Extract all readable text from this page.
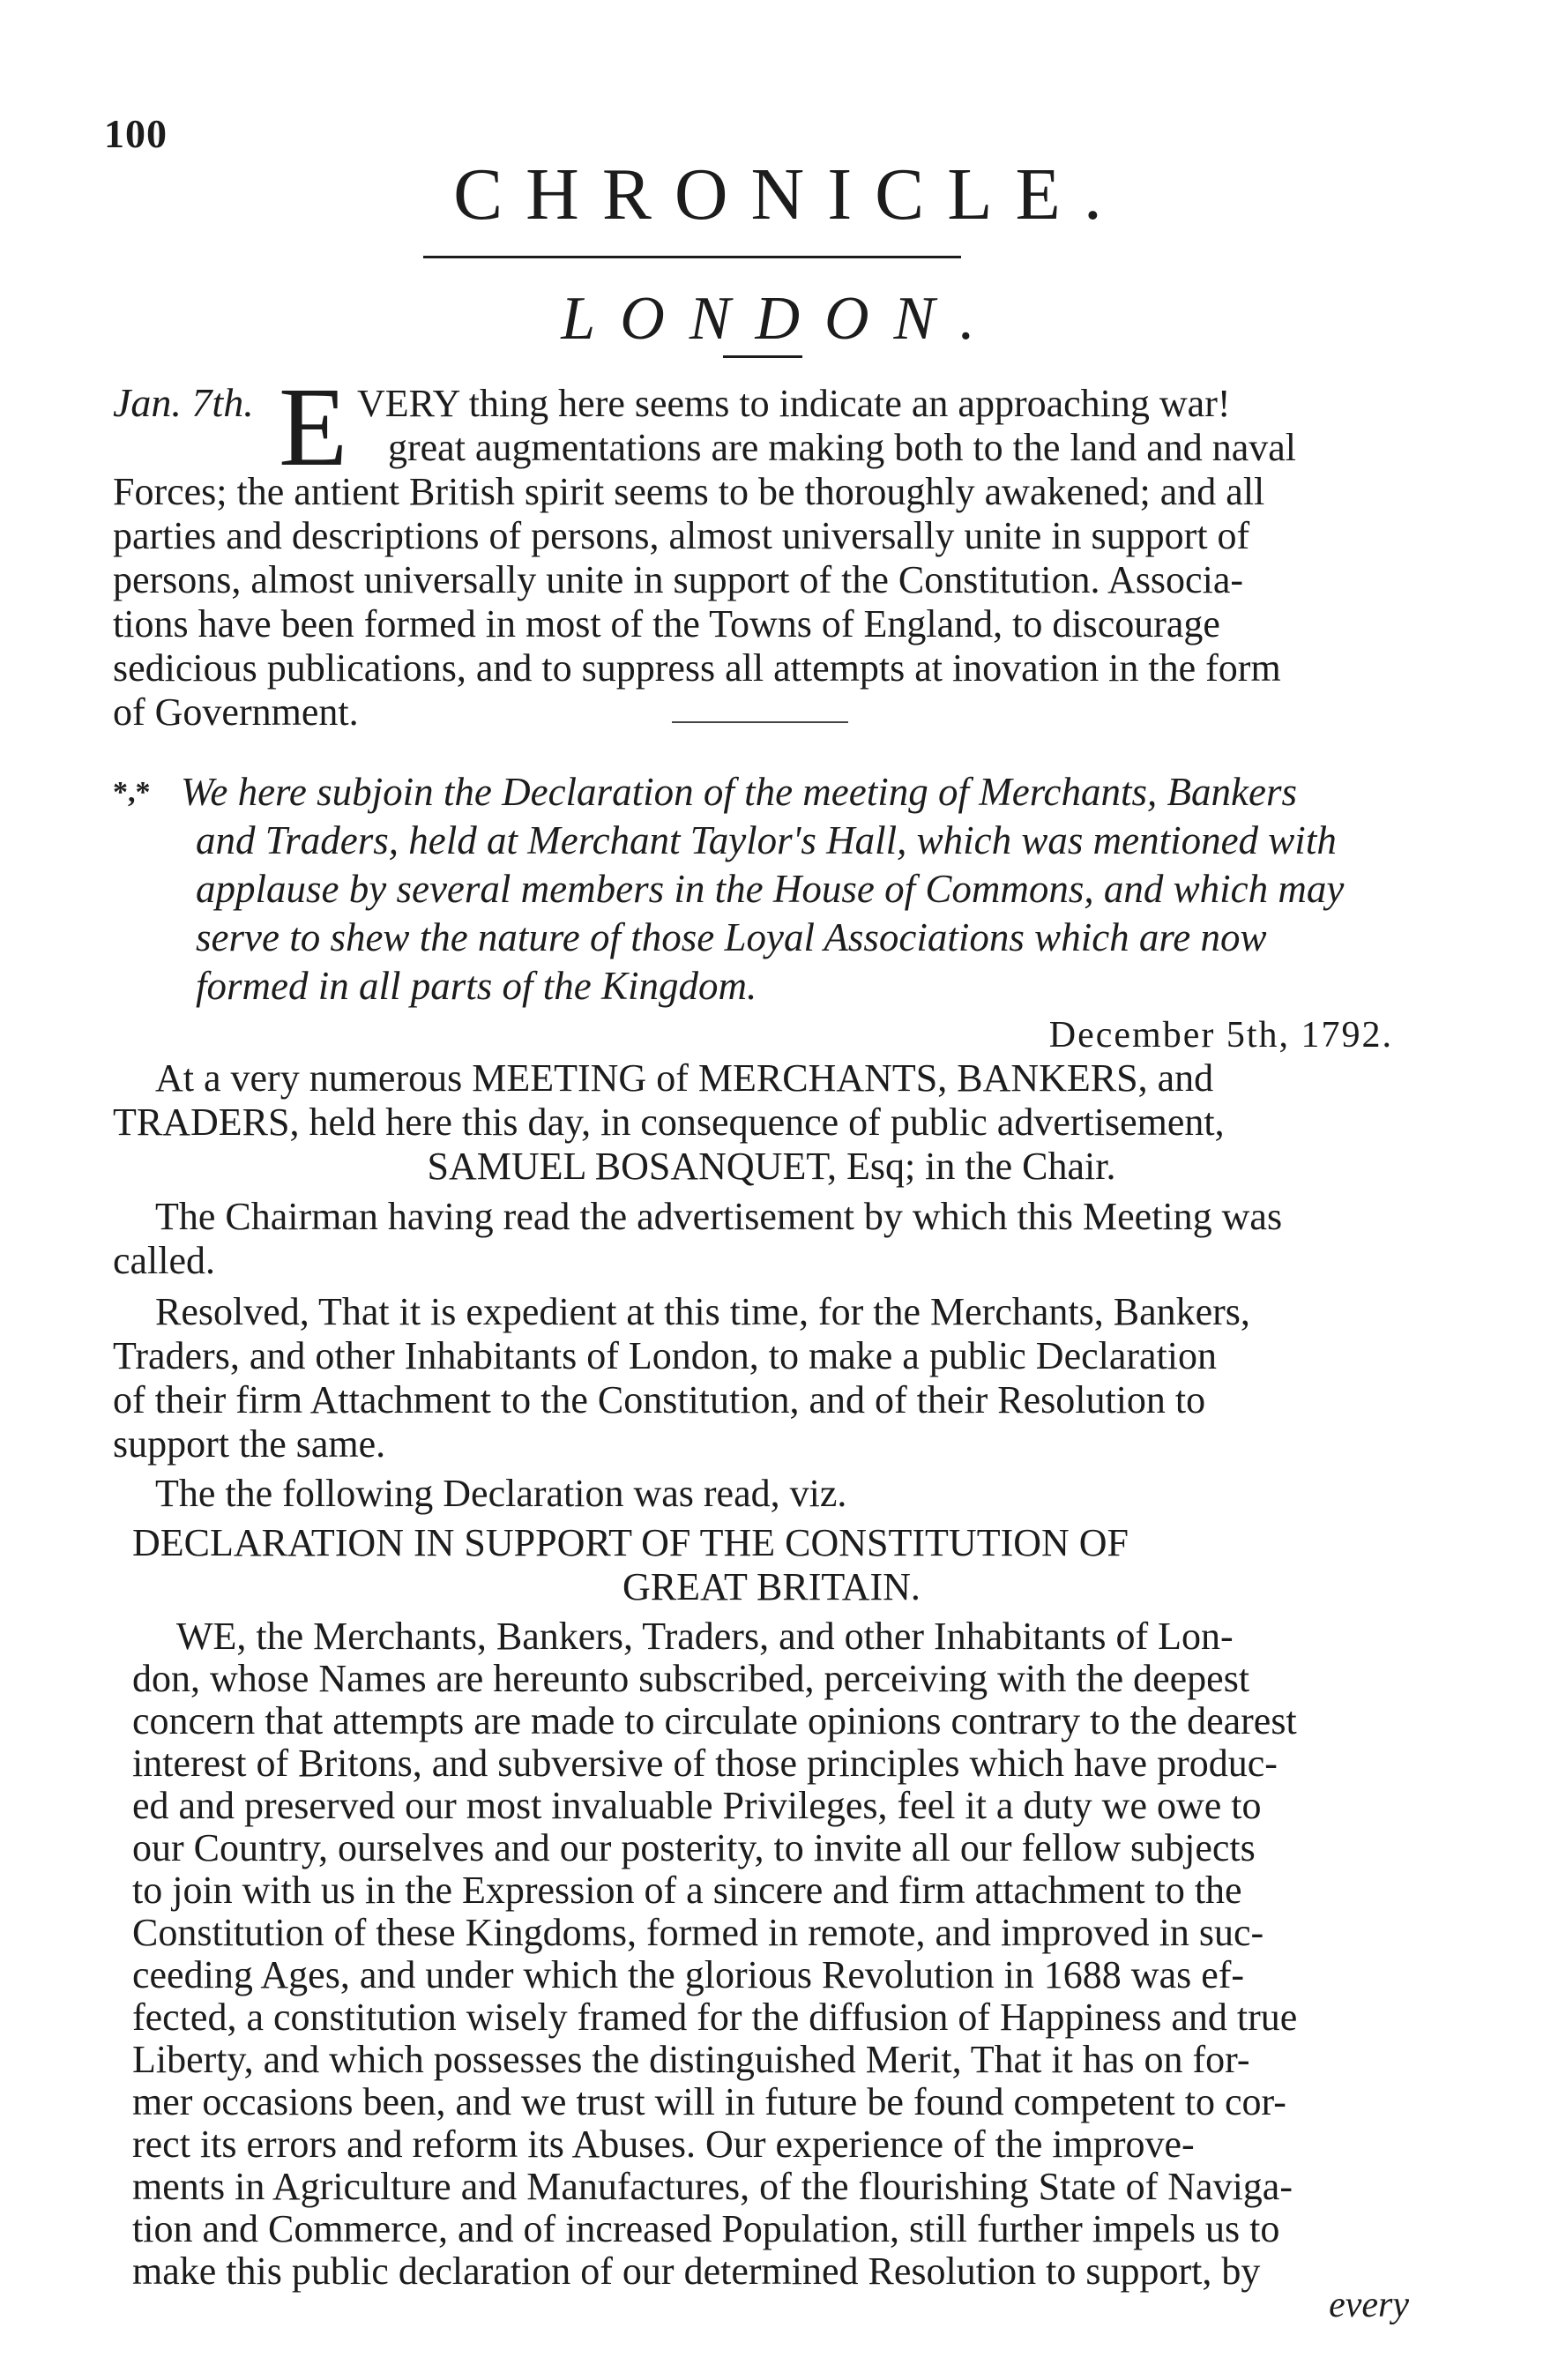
100
CHRONICLE.
LONDON.
Jan. 7th. E VERY thing here seems to indicate an approaching war!
great augmentations are making both to the land and naval
Forces; the antient British spirit seems to be thoroughly awakened; and all
parties and descriptions of persons, almost universally unite in support of
persons, almost universally unite in support of the Constitution. Associa-
tions have been formed in most of the Towns of England, to discourage
sedicious publications, and to suppress all attempts at inovation in the form
of Government.
*,* We here subjoin the Declaration of the meeting of Merchants, Bankers
and Traders, held at Merchant Taylor's Hall, which was mentioned with
applause by several members in the House of Commons, and which may
serve to shew the nature of those Loyal Associations which are now
formed in all parts of the Kingdom.
December 5th, 1792.
At a very numerous MEETING of MERCHANTS, BANKERS, and
TRADERS, held here this day, in consequence of public advertisement,
SAMUEL BOSANQUET, Esq; in the Chair.
The Chairman having read the advertisement by which this Meeting was
called.
Resolved, That it is expedient at this time, for the Merchants, Bankers,
Traders, and other Inhabitants of London, to make a public Declaration
of their firm Attachment to the Constitution, and of their Resolution to
support the same.
The the following Declaration was read, viz.
DECLARATION IN SUPPORT OF THE CONSTITUTION OF
GREAT BRITAIN.
WE, the Merchants, Bankers, Traders, and other Inhabitants of Lon-
don, whose Names are hereunto subscribed, perceiving with the deepest
concern that attempts are made to circulate opinions contrary to the dearest
interest of Britons, and subversive of those principles which have produc-
ed and preserved our most invaluable Privileges, feel it a duty we owe to
our Country, ourselves and our posterity, to invite all our fellow subjects
to join with us in the Expression of a sincere and firm attachment to the
Constitution of these Kingdoms, formed in remote, and improved in suc-
ceeding Ages, and under which the glorious Revolution in 1688 was ef-
fected, a constitution wisely framed for the diffusion of Happiness and true
Liberty, and which possesses the distinguished Merit, That it has on for-
mer occasions been, and we trust will in future be found competent to cor-
rect its errors and reform its Abuses. Our experience of the improve-
ments in Agriculture and Manufactures, of the flourishing State of Naviga-
tion and Commerce, and of increased Population, still further impels us to
make this public declaration of our determined Resolution to support, by
every
